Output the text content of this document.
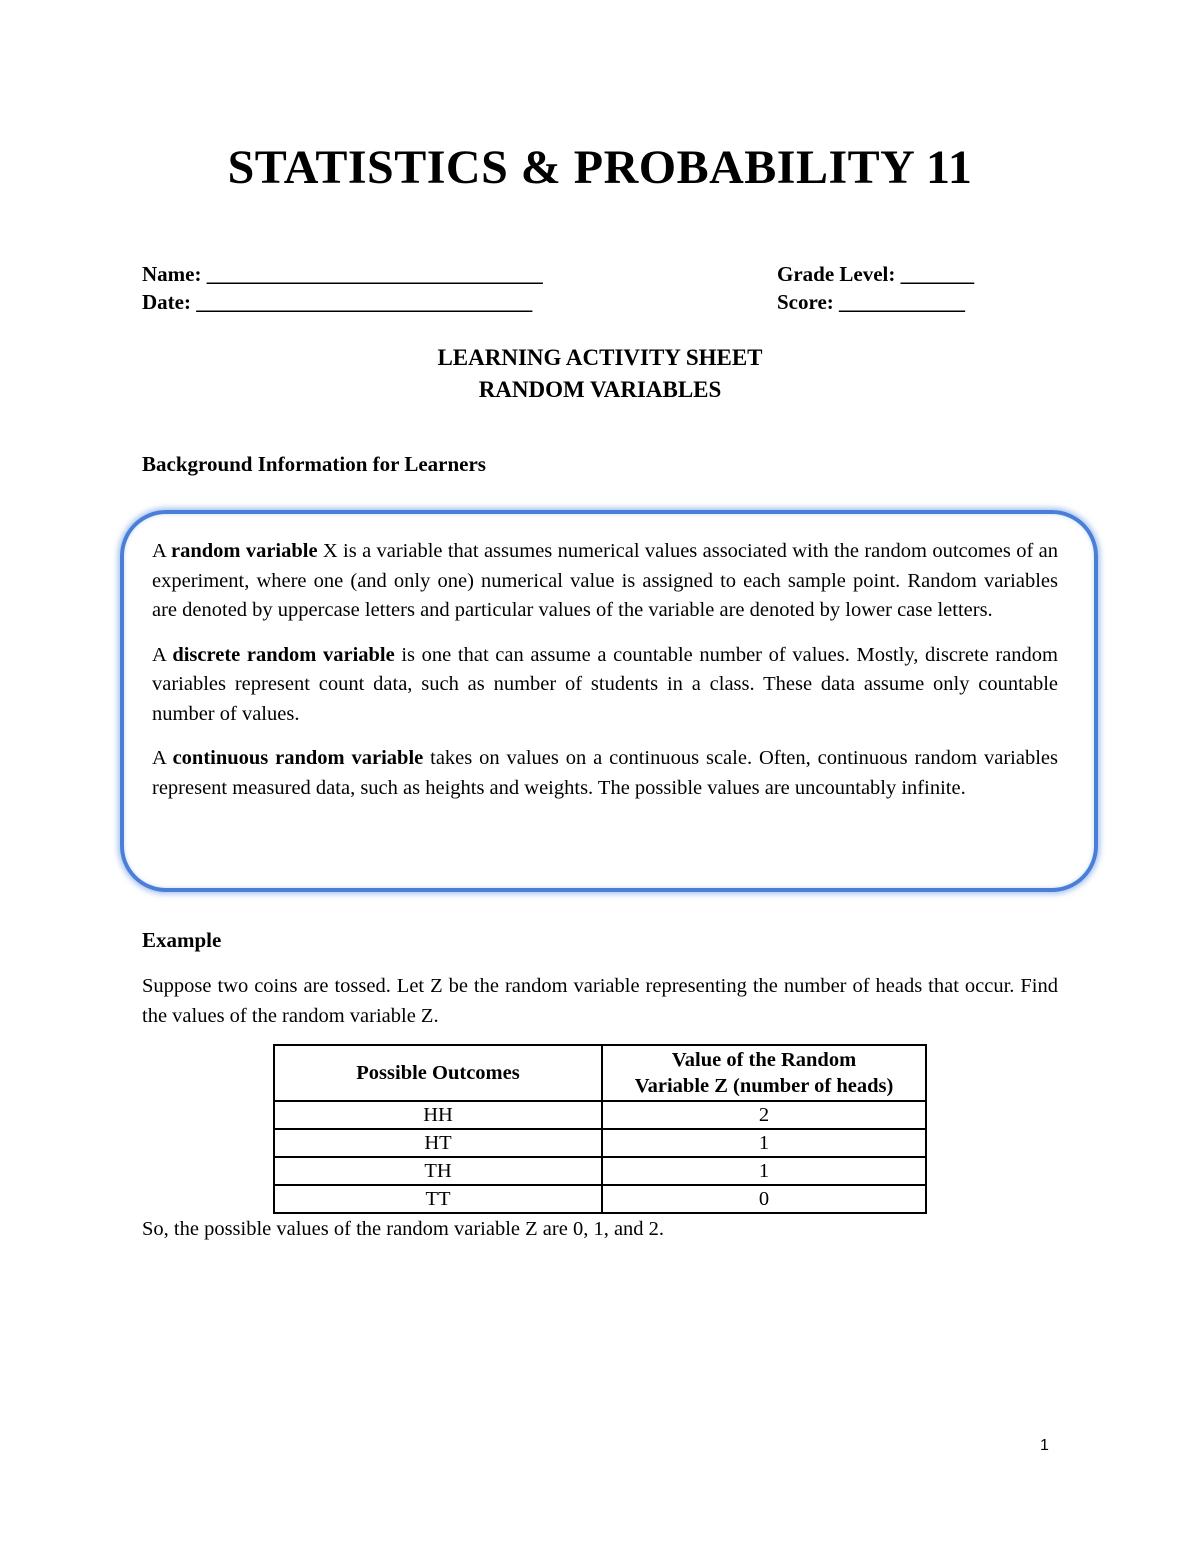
STATISTICS & PROBABILITY 11
Name: ________________________________
Date: ________________________________
Grade Level: _______
Score: ____________
LEARNING ACTIVITY SHEET
RANDOM VARIABLES
Background Information for Learners

A random variable X is a variable that assumes numerical values associated with the random outcomes of an experiment, where one (and only one) numerical value is assigned to each sample point. Random variables are denoted by uppercase letters and particular values of the variable are denoted by lower case letters.

A discrete random variable is one that can assume a countable number of values. Mostly, discrete random variables represent count data, such as number of students in a class. These data assume only countable number of values.

A continuous random variable takes on values on a continuous scale. Often, continuous random variables represent measured data, such as heights and weights. The possible values are uncountably infinite.

Example
Suppose two coins are tossed. Let Z be the random variable representing the number of heads that occur. Find the values of the random variable Z.
Possible Outcomes	Value of the Random
Variable Z (number of heads)
HH	2
HT	1
TH	1
TT	0
So, the possible values of the random variable Z are 0, 1, and 2.
1
